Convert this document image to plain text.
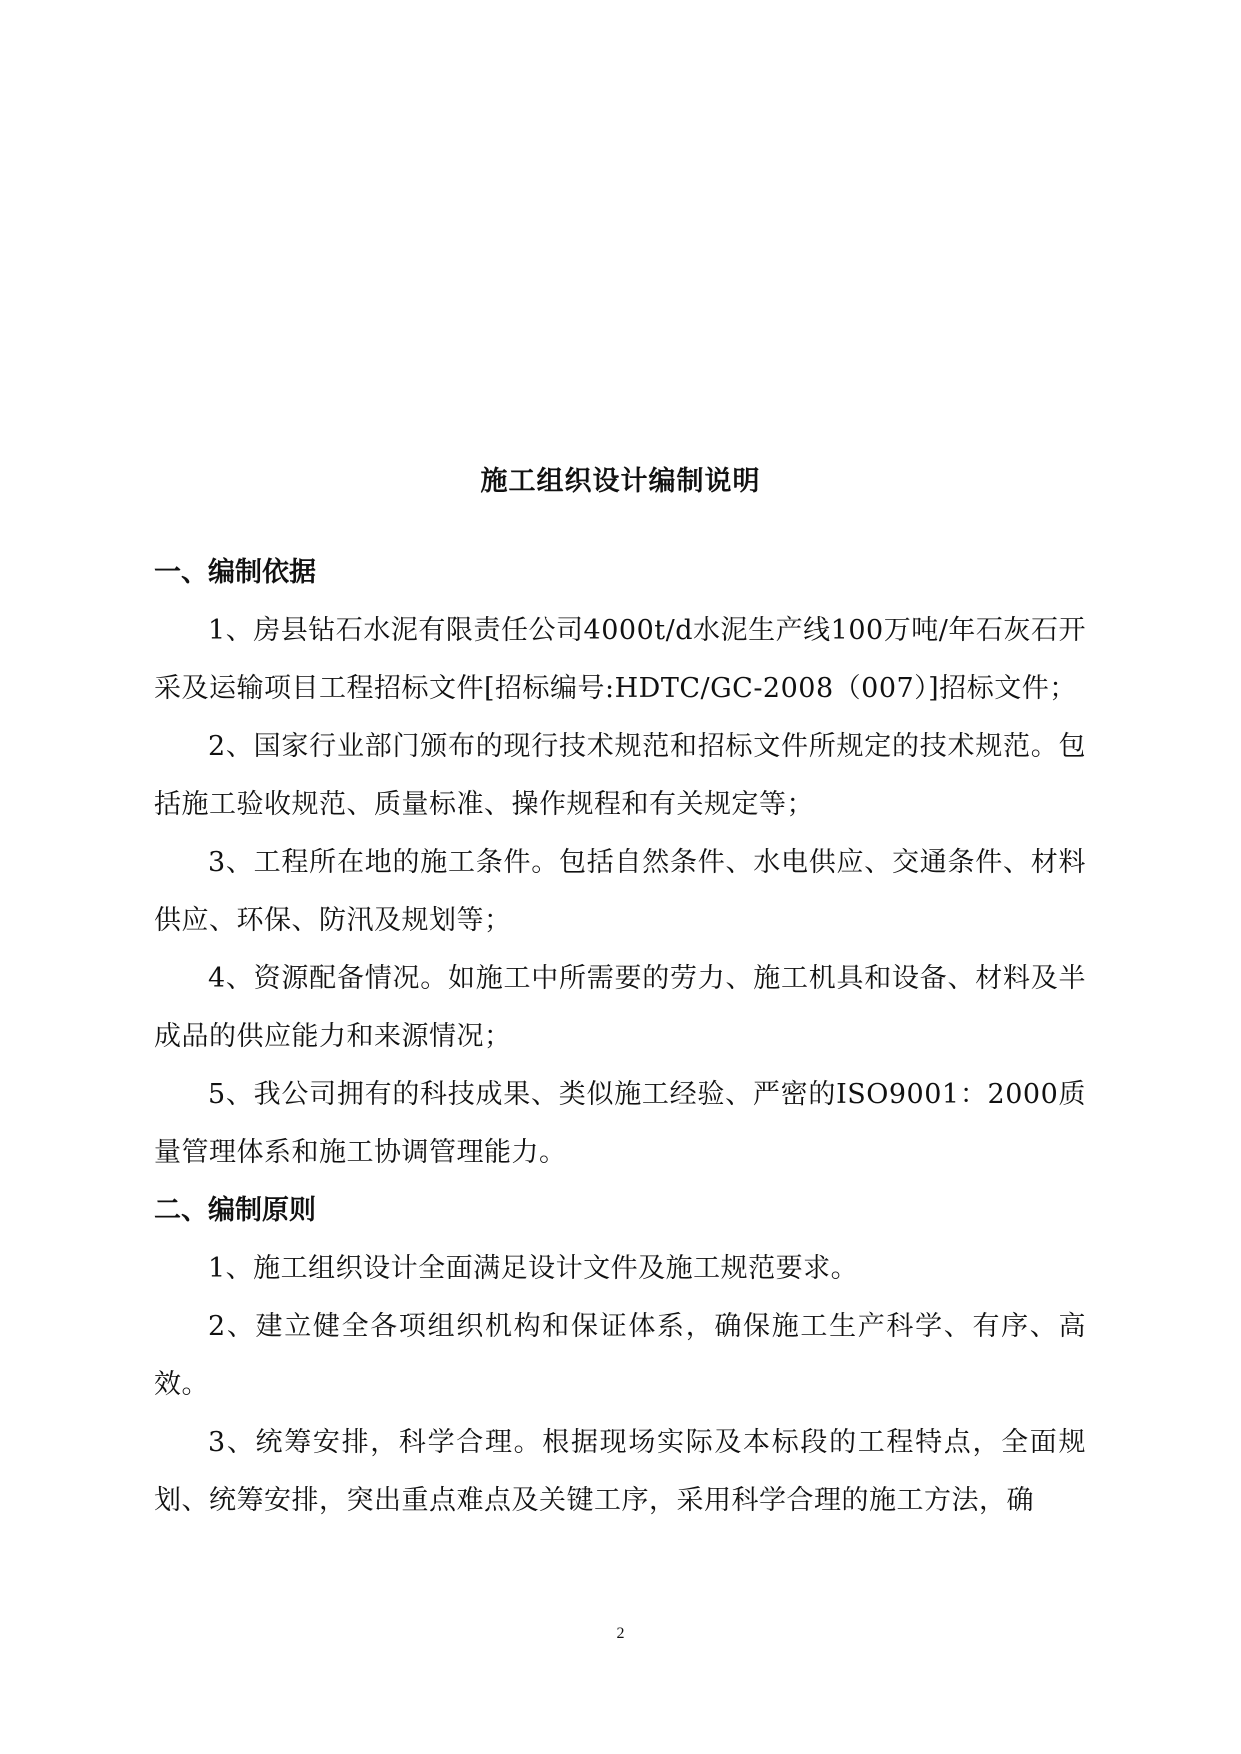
施工组织设计编制说明
一、编制依据

1、房县钻石水泥有限责任公司4000t/d水泥生产线100万吨/年石灰石开采及运输项目工程招标文件[招标编号:HDTC/GC-2008（007）]招标文件；

2、国家行业部门颁布的现行技术规范和招标文件所规定的技术规范。包括施工验收规范、质量标准、操作规程和有关规定等；

3、工程所在地的施工条件。包括自然条件、水电供应、交通条件、材料供应、环保、防汛及规划等；

4、资源配备情况。如施工中所需要的劳力、施工机具和设备、材料及半成品的供应能力和来源情况；

5、我公司拥有的科技成果、类似施工经验、严密的ISO9001：2000质量管理体系和施工协调管理能力。

二、编制原则

1、施工组织设计全面满足设计文件及施工规范要求。

2、建立健全各项组织机构和保证体系，确保施工生产科学、有序、高效。

3、统筹安排，科学合理。根据现场实际及本标段的工程特点，全面规划、统筹安排，突出重点难点及关键工序，采用科学合理的施工方法，确

2
